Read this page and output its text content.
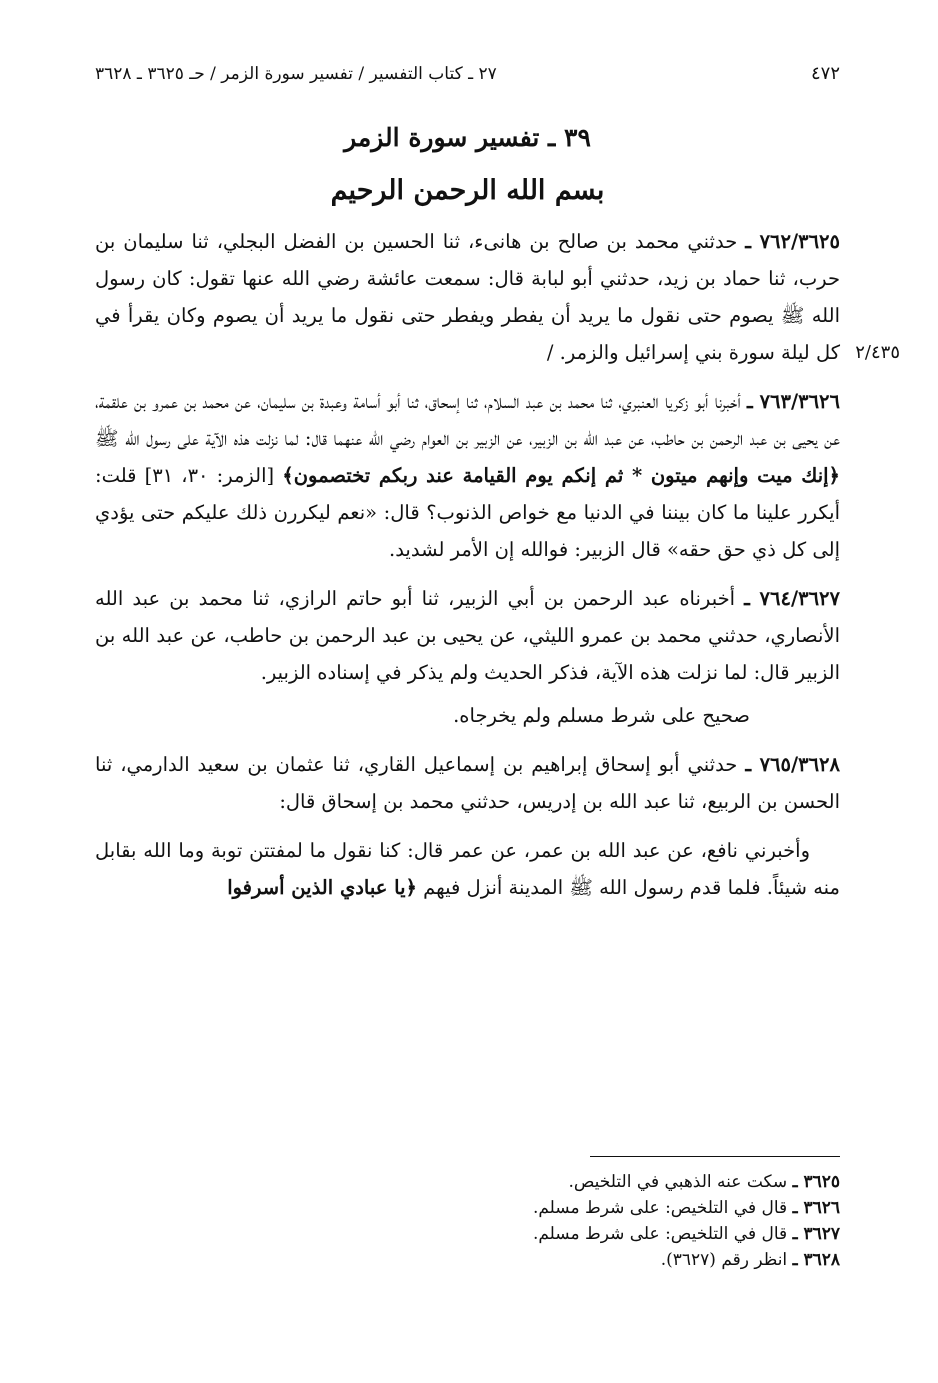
٤٧٢
٢٧ ـ كتاب التفسير / تفسير سورة الزمر / حـ ٣٦٢٥ ـ ٣٦٢٨
٣٩ ـ تفسير سورة الزمر
بسم الله الرحمن الرحيم
٧٦٢/٣٦٢٥ ـ حدثني محمد بن صالح بن هانىء، ثنا الحسين بن الفضل البجلي، ثنا سليمان بن حرب، ثنا حماد بن زيد، حدثني أبو لبابة قال: سمعت عائشة رضي الله عنها تقول: كان رسول الله ﷺ يصوم حتى نقول ما يريد أن يفطر ويفطر حتى نقول ما يريد أن يصوم وكان يقرأ في كل ليلة سورة بني إسرائيل والزمر. / ٢/٤٣٥
٧٦٣/٣٦٢٦ ـ أخبرنا أبو زكريا العنبري، ثنا محمد بن عبد السلام، ثنا إسحاق، ثنا أبو أسامة وعبدة بن سليمان، عن محمد بن عمرو بن علقمة، عن يحيى بن عبد الرحمن بن حاطب، عن عبد الله بن الزبير، عن الزبير بن العوام رضي الله عنهما قال: لما نزلت هذه الآية على رسول الله ﷺ ﴿إنك ميت وإنهم ميتون * ثم إنكم يوم القيامة عند ربكم تختصمون﴾ [الزمر: ٣٠، ٣١] قلت: أيكرر علينا ما كان بيننا في الدنيا مع خواص الذنوب؟ قال: «نعم ليكررن ذلك عليكم حتى يؤدي إلى كل ذي حق حقه» قال الزبير: فوالله إن الأمر لشديد.
٧٦٤/٣٦٢٧ ـ أخبرناه عبد الرحمن بن أبي الزبير، ثنا أبو حاتم الرازي، ثنا محمد بن عبد الله الأنصاري، حدثني محمد بن عمرو الليثي، عن يحيى بن عبد الرحمن بن حاطب، عن عبد الله بن الزبير قال: لما نزلت هذه الآية، فذكر الحديث ولم يذكر في إسناده الزبير.
صحيح على شرط مسلم ولم يخرجاه.
٧٦٥/٣٦٢٨ ـ حدثني أبو إسحاق إبراهيم بن إسماعيل القاري، ثنا عثمان بن سعيد الدارمي، ثنا الحسن بن الربيع، ثنا عبد الله بن إدريس، حدثني محمد بن إسحاق قال:
وأخبرني نافع، عن عبد الله بن عمر، عن عمر قال: كنا نقول ما لمفتتن توبة وما الله بقابل منه شيئاً. فلما قدم رسول الله ﷺ المدينة أنزل فيهم ﴿يا عبادي الذين أسرفوا
٣٦٢٥ ـ سكت عنه الذهبي في التلخيص.
٣٦٢٦ ـ قال في التلخيص: على شرط مسلم.
٣٦٢٧ ـ قال في التلخيص: على شرط مسلم.
٣٦٢٨ ـ انظر رقم (٣٦٢٧).
